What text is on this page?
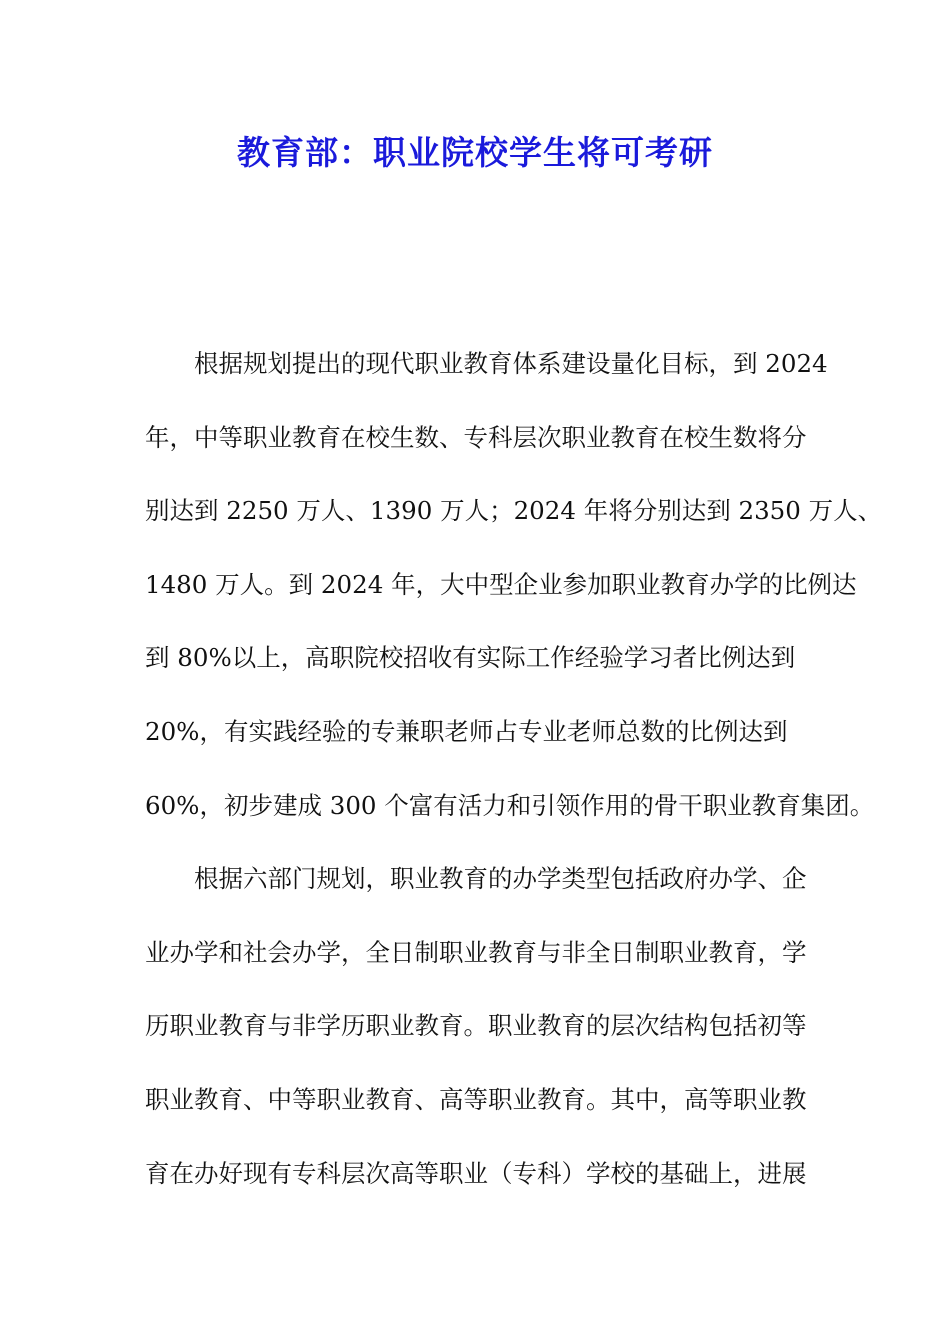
教育部：职业院校学生将可考研
根据规划提出的现代职业教育体系建设量化目标，到 2024
年，中等职业教育在校生数、专科层次职业教育在校生数将分
别达到 2250 万人、1390 万人；2024 年将分别达到 2350 万人、
1480 万人。到 2024 年，大中型企业参加职业教育办学的比例达
到 80%以上，高职院校招收有实际工作经验学习者比例达到
20%，有实践经验的专兼职老师占专业老师总数的比例达到
60%，初步建成 300 个富有活力和引领作用的骨干职业教育集团。
根据六部门规划，职业教育的办学类型包括政府办学、企
业办学和社会办学，全日制职业教育与非全日制职业教育，学
历职业教育与非学历职业教育。职业教育的层次结构包括初等
职业教育、中等职业教育、高等职业教育。其中，高等职业教
育在办好现有专科层次高等职业（专科）学校的基础上，进展
